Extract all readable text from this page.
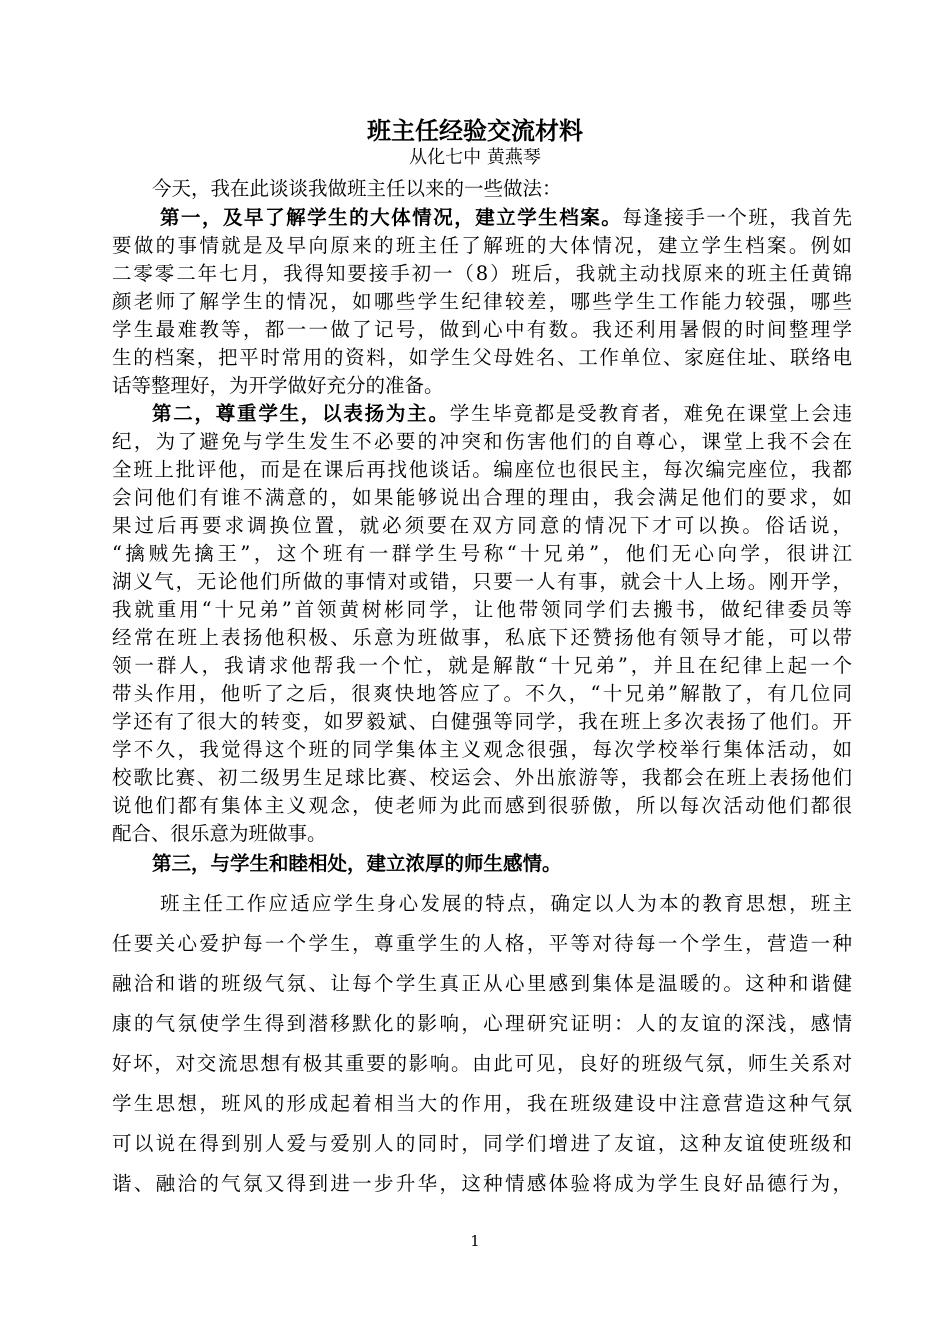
班主任经验交流材料
从化七中 黄燕琴
今天，我在此谈谈我做班主任以来的一些做法：
第一，及早了解学生的大体情况，建立学生档案。每逢接手一个班，我首先
要做的事情就是及早向原来的班主任了解班的大体情况，建立学生档案。例如
二零零二年七月，我得知要接手初一（8）班后，我就主动找原来的班主任黄锦
颜老师了解学生的情况，如哪些学生纪律较差，哪些学生工作能力较强，哪些
学生最难教等，都一一做了记号，做到心中有数。我还利用暑假的时间整理学
生的档案，把平时常用的资料，如学生父母姓名、工作单位、家庭住址、联络电
话等整理好，为开学做好充分的准备。
第二，尊重学生，以表扬为主。学生毕竟都是受教育者，难免在课堂上会违
纪，为了避免与学生发生不必要的冲突和伤害他们的自尊心，课堂上我不会在
全班上批评他，而是在课后再找他谈话。编座位也很民主，每次编完座位，我都
会问他们有谁不满意的，如果能够说出合理的理由，我会满足他们的要求，如
果过后再要求调换位置，就必须要在双方同意的情况下才可以换。俗话说，
“擒贼先擒王”，这个班有一群学生号称“十兄弟”，他们无心向学，很讲江
湖义气，无论他们所做的事情对或错，只要一人有事，就会十人上场。刚开学，
我就重用“十兄弟”首领黄树彬同学，让他带领同学们去搬书，做纪律委员等
经常在班上表扬他积极、乐意为班做事，私底下还赞扬他有领导才能，可以带
领一群人，我请求他帮我一个忙，就是解散“十兄弟”，并且在纪律上起一个
带头作用，他听了之后，很爽快地答应了。不久，“十兄弟”解散了，有几位同
学还有了很大的转变，如罗毅斌、白健强等同学，我在班上多次表扬了他们。开
学不久，我觉得这个班的同学集体主义观念很强，每次学校举行集体活动，如
校歌比赛、初二级男生足球比赛、校运会、外出旅游等，我都会在班上表扬他们
说他们都有集体主义观念，使老师为此而感到很骄傲，所以每次活动他们都很
配合、很乐意为班做事。
第三，与学生和睦相处，建立浓厚的师生感情。
班主任工作应适应学生身心发展的特点，确定以人为本的教育思想，班主
任要关心爱护每一个学生，尊重学生的人格，平等对待每一个学生，营造一种
融洽和谐的班级气氛、让每个学生真正从心里感到集体是温暖的。这种和谐健
康的气氛使学生得到潜移默化的影响，心理研究证明：人的友谊的深浅，感情
好坏，对交流思想有极其重要的影响。由此可见，良好的班级气氛，师生关系对
学生思想，班风的形成起着相当大的作用，我在班级建设中注意营造这种气氛
可以说在得到别人爱与爱别人的同时，同学们增进了友谊，这种友谊使班级和
谐、融洽的气氛又得到进一步升华，这种情感体验将成为学生良好品德行为，
1
